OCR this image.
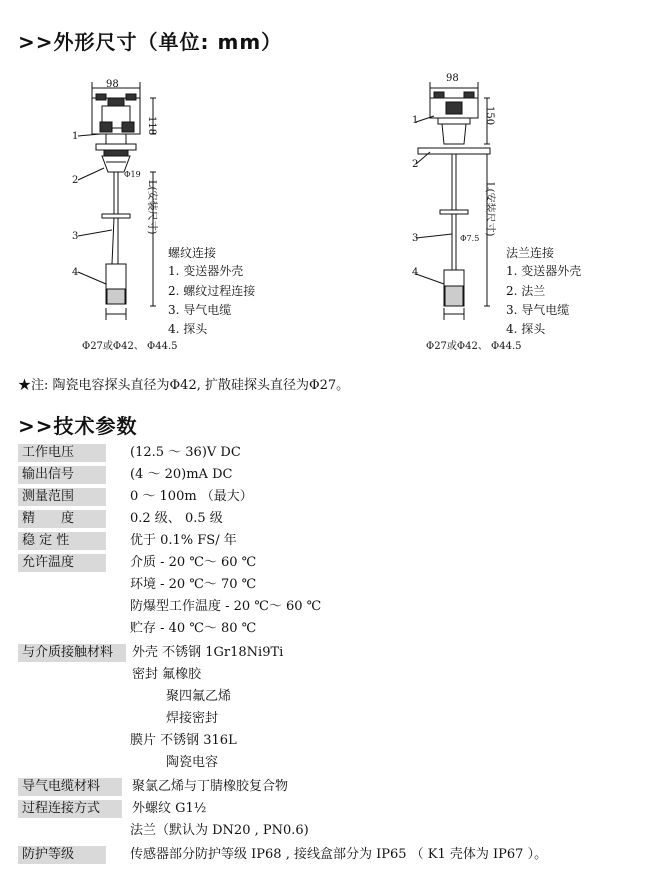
>>外形尺寸（单位: mm）
98
118
Φ19
L(安装尺寸)
1
2
3
4
螺纹连接
1. 变送器外壳
2. 螺纹过程连接
3. 导气电缆
4. 探头
Φ27或Φ42、 Φ44.5
98
150
Φ7.5
L(安装尺寸)
1
2
3
4
法兰连接
1. 变送器外壳
2. 法兰
3. 导气电缆
4. 探头
Φ27或Φ42、 Φ44.5
★注: 陶瓷电容探头直径为Φ42, 扩散硅探头直径为Φ27。
>>技术参数
工作电压	(12.5 ～ 36)V DC
输出信号	(4 ～ 20)mA DC
测量范围	0 ～ 100m （最大）
精　　度	0.2 级、 0.5 级
稳 定 性	优于 0.1% FS/ 年
允许温度	介质 - 20 ℃～ 60 ℃
环境 - 20 ℃～ 70 ℃
防爆型工作温度 - 20 ℃～ 60 ℃
贮存 - 40 ℃～ 80 ℃
与介质接触材料	外壳 不锈钢 1Gr18Ni9Ti
密封 氟橡胶
聚四氟乙烯
焊接密封
膜片 不锈钢 316L
陶瓷电容
导气电缆材料	聚氯乙烯与丁腈橡胶复合物
过程连接方式	外螺纹 G1½
法兰（默认为 DN20 , PN0.6)
防护等级	传感器部分防护等级 IP68 , 接线盒部分为 IP65 （ K1 壳体为 IP67 ）。
